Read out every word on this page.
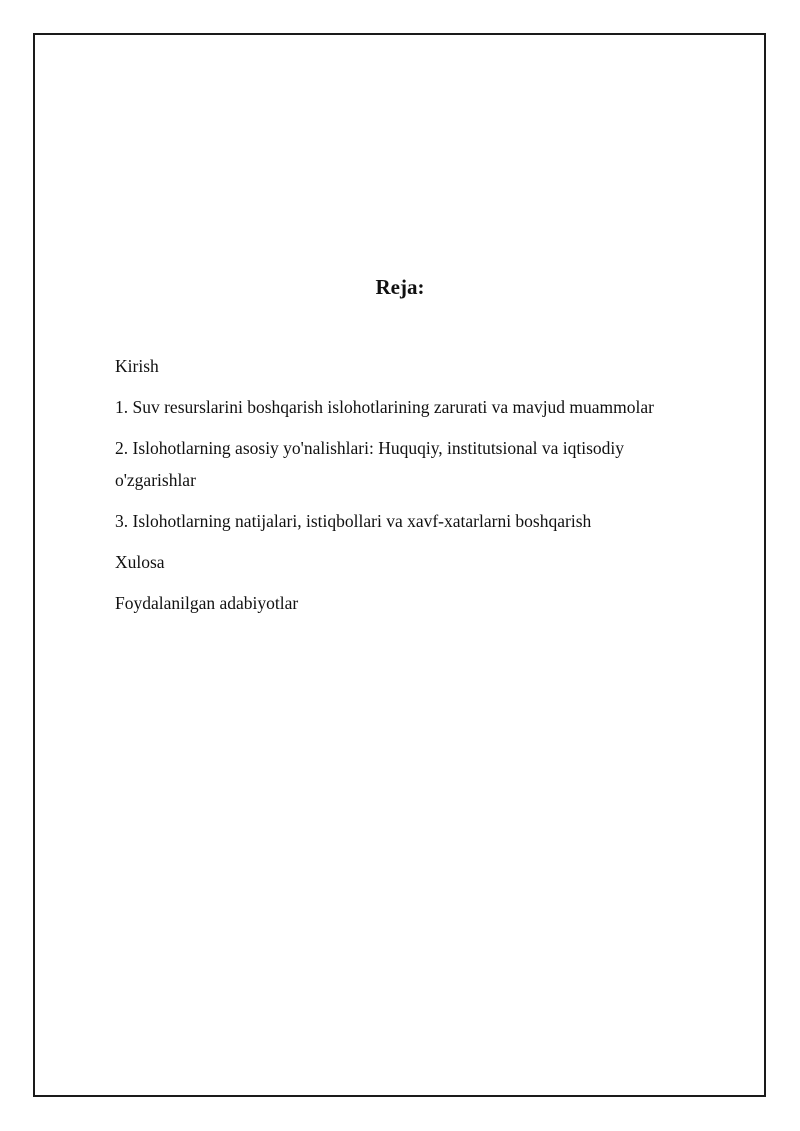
Reja:
Kirish
1. Suv resurslarini boshqarish islohotlarining zarurati va mavjud muammolar
2. Islohotlarning asosiy yo'nalishlari: Huquqiy, institutsional va iqtisodiy o'zgarishlar
3. Islohotlarning natijalari, istiqbollari va xavf-xatarlarni boshqarish
Xulosa
Foydalanilgan adabiyotlar
